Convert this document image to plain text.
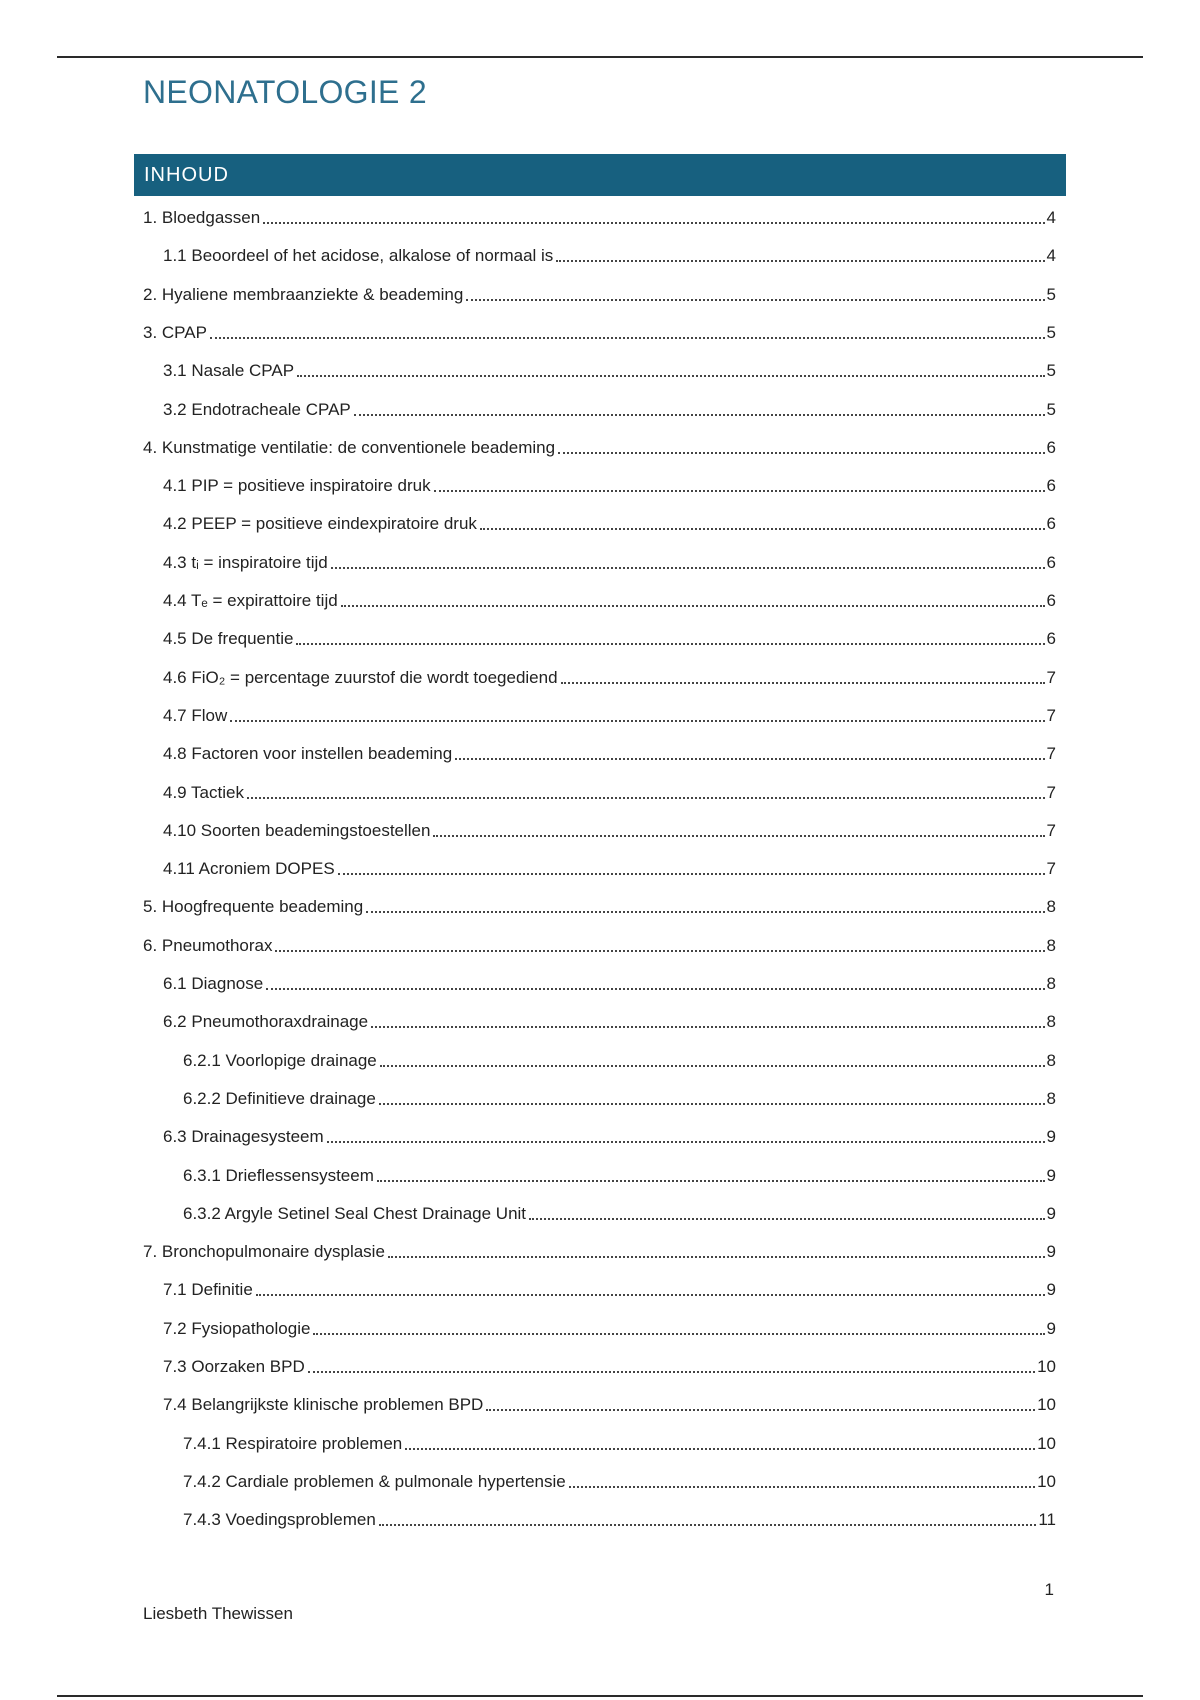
NEONATOLOGIE 2
INHOUD
1. Bloedgassen	4
1.1 Beoordeel of het acidose, alkalose of normaal is	4
2. Hyaliene membraanziekte & beademing	5
3. CPAP	5
3.1 Nasale CPAP	5
3.2 Endotracheale CPAP	5
4. Kunstmatige ventilatie: de conventionele beademing	6
4.1 PIP = positieve inspiratoire druk	6
4.2 PEEP = positieve eindexpiratoire druk	6
4.3 tᵢ = inspiratoire tijd	6
4.4 Tₑ = expirattoire tijd	6
4.5 De frequentie	6
4.6 FiO₂ = percentage zuurstof die wordt toegediend	7
4.7 Flow	7
4.8 Factoren voor instellen beademing	7
4.9 Tactiek	7
4.10 Soorten beademingstoestellen	7
4.11 Acroniem DOPES	7
5. Hoogfrequente beademing	8
6. Pneumothorax	8
6.1 Diagnose	8
6.2 Pneumothoraxdrainage	8
6.2.1 Voorlopige drainage	8
6.2.2 Definitieve drainage	8
6.3 Drainagesysteem	9
6.3.1 Drieflessensysteem	9
6.3.2 Argyle Setinel Seal Chest Drainage Unit	9
7. Bronchopulmonaire dysplasie	9
7.1 Definitie	9
7.2 Fysiopathologie	9
7.3 Oorzaken BPD	10
7.4 Belangrijkste klinische problemen BPD	10
7.4.1 Respiratoire problemen	10
7.4.2 Cardiale problemen & pulmonale hypertensie	10
7.4.3 Voedingsproblemen	11
1
Liesbeth Thewissen
